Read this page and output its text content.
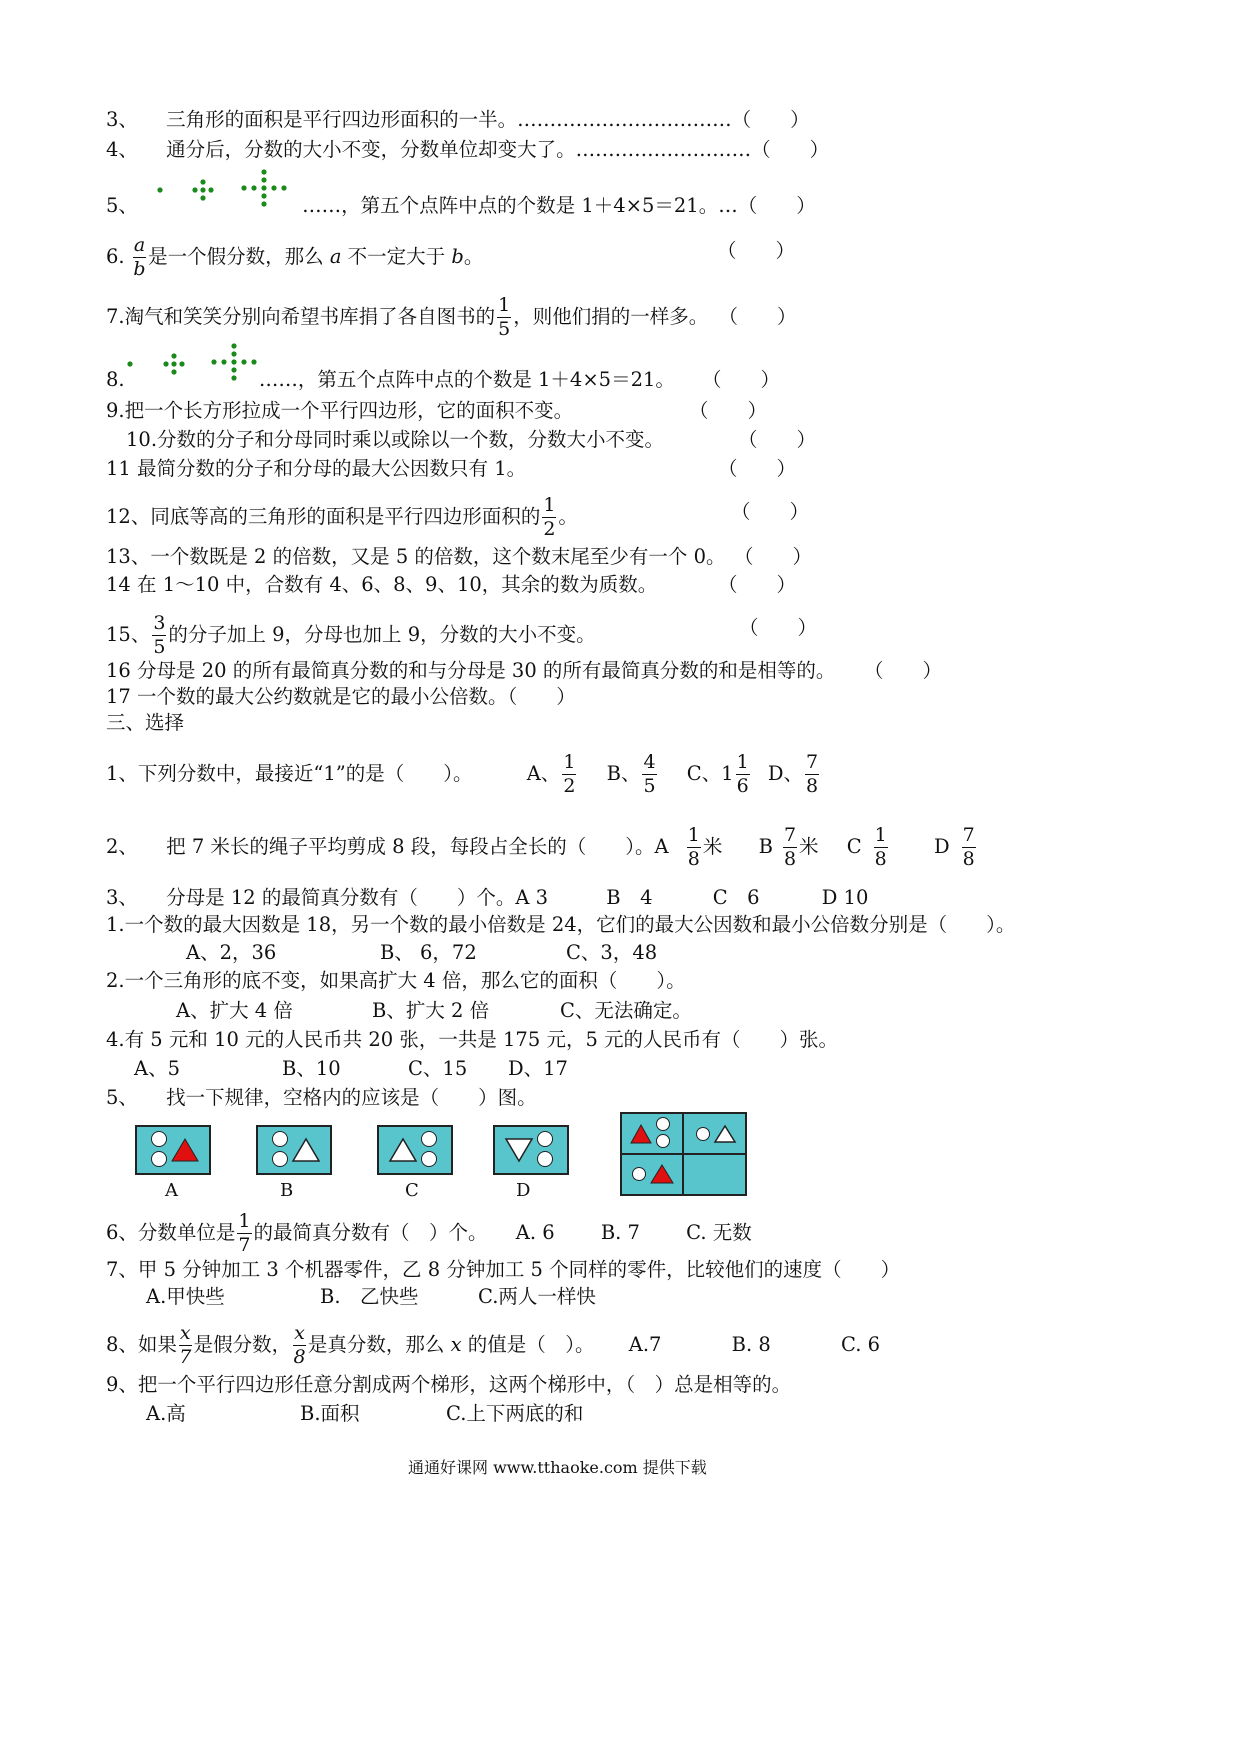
3、 三角形的面积是平行四边形面积的一半。……………………………（　　）
4、 通分后，分数的大小不变，分数单位却变大了。………………………（　　）
5、	……，第五个点阵中点的个数是 1＋4×5＝21。…（　　）
6. $\frac{a}{b}$ 是一个假分数，那么 a 不一定大于 b。	（　　）
7.淘气和笑笑分别向希望书库捐了各自图书的 $\frac{1}{5}$ ，则他们捐的一样多。 （　　）
8.	……，第五个点阵中点的个数是 1＋4×5＝21。 （　　）
9.把一个长方形拉成一个平行四边形，它的面积不变。	（　　）
10.分数的分子和分母同时乘以或除以一个数，分数大小不变。	（　　）
11 最简分数的分子和分母的最大公因数只有 1。	（　　）
12、同底等高的三角形的面积是平行四边形面积的 $\frac{1}{2}$ 。	（　　）
13、一个数既是 2 的倍数，又是 5 的倍数，这个数末尾至少有一个 0。 （　　）
14 在 1～10 中，合数有 4、6、8、9、10，其余的数为质数。	（　　）
15、 $\frac{3}{5}$ 的分子加上 9，分母也加上 9，分数的大小不变。	（　　）
16 分母是 20 的所有最简真分数的和与分母是 30 的所有最简真分数的和是相等的。 （　　）
17 一个数的最大公约数就是它的最小公倍数。（　　）
三、选择
1、下列分数中，最接近“1”的是（　　）。	A、 $\frac{1}{2}$ B、 $\frac{4}{5}$ C、$1 \frac{1}{6}$ D、 $\frac{7}{8}$
2、 把 7 米长的绳子平均剪成 8 段，每段占全长的（　　）。A $\frac{1}{8}$ 米 B $\frac{7}{8}$ 米 C $\frac{1}{8}$ D $\frac{7}{8}$
3、 分母是 12 的最简真分数有（　　）个。A 3	B　4	C　6	D 10
1.一个数的最大因数是 18，另一个数的最小倍数是 24，它们的最大公因数和最小公倍数分别是（　　）。
A、2，36	B、 6，72	C、3，48
2.一个三角形的底不变，如果高扩大 4 倍，那么它的面积（　　）。
A、扩大 4 倍	B、扩大 2 倍	C、无法确定。
4.有 5 元和 10 元的人民币共 20 张，一共是 175 元，5 元的人民币有（　　）张。
A、5	B、10	C、15 D、17
5、 找一下规律，空格内的应该是（　　）图。
A	B	C	D
6、分数单位是 $\frac{1}{7}$ 的最简真分数有（　）个。 A. 6 B. 7 C. 无数
7、甲 5 分钟加工 3 个机器零件，乙 8 分钟加工 5 个同样的零件，比较他们的速度（　　）
A.甲快些	B.　乙快些	C.两人一样快
8、如果 $\frac{x}{7}$ 是假分数， $\frac{x}{8}$ 是真分数，那么 x 的值是（　）。 A.7	B. 8	C. 6
9、把一个平行四边形任意分割成两个梯形，这两个梯形中，（　）总是相等的。
A.高	B.面积	C.上下两底的和
通通好课网 www.tthaoke.com 提供下载
